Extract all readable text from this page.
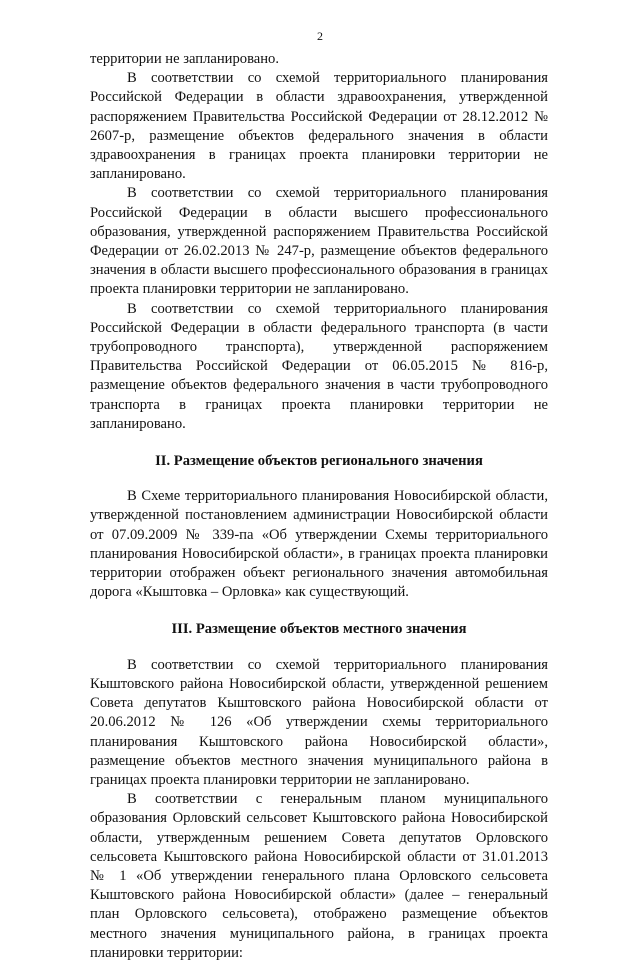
2

территории не запланировано.

В соответствии со схемой территориального планирования Российской Федерации в области здравоохранения, утвержденной распоряжением Правительства Российской Федерации от 28.12.2012 № 2607-р, размещение объектов федерального значения в области здравоохранения в границах проекта планировки территории не запланировано.

В соответствии со схемой территориального планирования Российской Федерации в области высшего профессионального образования, утвержденной распоряжением Правительства Российской Федерации от 26.02.2013 № 247-р, размещение объектов федерального значения в области высшего профессионального образования в границах проекта планировки территории не запланировано.

В соответствии со схемой территориального планирования Российской Федерации в области федерального транспорта (в части трубопроводного транспорта), утвержденной распоряжением Правительства Российской Федерации от 06.05.2015 № 816-р, размещение объектов федерального значения в части трубопроводного транспорта в границах проекта планировки территории не запланировано.

II. Размещение объектов регионального значения

В Схеме территориального планирования Новосибирской области, утвержденной постановлением администрации Новосибирской области от 07.09.2009 № 339-па «Об утверждении Схемы территориального планирования Новосибирской области», в границах проекта планировки территории отображен объект регионального значения автомобильная дорога «Кыштовка – Орловка» как существующий.

III. Размещение объектов местного значения

В соответствии со схемой территориального планирования Кыштовского района Новосибирской области, утвержденной решением Совета депутатов Кыштовского района Новосибирской области от 20.06.2012 № 126 «Об утверждении схемы территориального планирования Кыштовского района Новосибирской области», размещение объектов местного значения муниципального района в границах проекта планировки территории не запланировано.

В соответствии с генеральным планом муниципального образования Орловский сельсовет Кыштовского района Новосибирской области, утвержденным решением Совета депутатов Орловского сельсовета Кыштовского района Новосибирской области от 31.01.2013 № 1 «Об утверждении генерального плана Орловского сельсовета Кыштовского района Новосибирской области» (далее – генеральный план Орловского сельсовета), отображено размещение объектов местного значения муниципального района, в границах проекта планировки территории:
